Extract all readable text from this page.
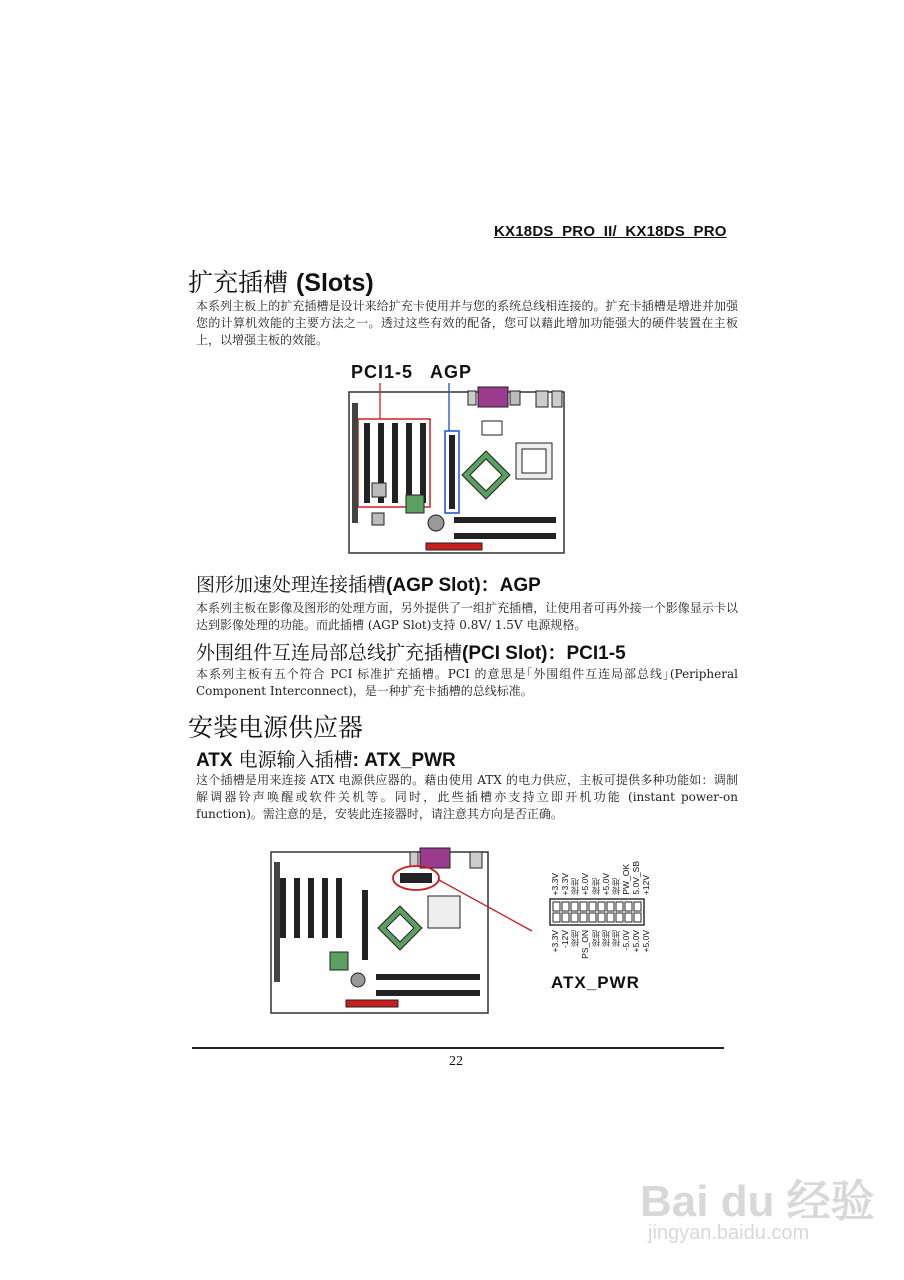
KX18DS_PRO_II/_KX18DS_PRO
扩充插槽 (Slots)
本系列主板上的扩充插槽是设计来给扩充卡使用并与您的系统总线相连接的。扩充卡插槽是增进并加强您的计算机效能的主要方法之一。透过这些有效的配备，您可以藉此增加功能强大的硬件装置在主板上，以增强主板的效能。
PCI1-5 AGP
图形加速处理连接插槽(AGP Slot)：AGP
本系列主板在影像及图形的处理方面，另外提供了一组扩充插槽，让使用者可再外接一个影像显示卡以达到影像处理的功能。而此插槽 (AGP Slot)支持 0.8V/ 1.5V 电源规格。
外围组件互连局部总线扩充插槽(PCI Slot)：PCI1-5
本系列主板有五个符合 PCI 标准扩充插槽。PCI 的意思是｢外围组件互连局部总线｣(Peripheral Component Interconnect)，是一种扩充卡插槽的总线标准。
安装电源供应器
ATX 电源输入插槽: ATX_PWR
这个插槽是用来连接 ATX 电源供应器的。藉由使用 ATX 的电力供应，主板可提供多种功能如：调制解调器铃声唤醒或软件关机等。同时，此些插槽亦支持立即开机功能 (instant power-on function)。需注意的是，安装此连接器时，请注意其方向是否正确。
+3.3V +3.3V 接地 +5.0V 接地 +5.0V 接地 PW_OK 5.0V_SB +12V
+3.3V -12V 接地 PS_ON 接地 接地 接地 -5.0V +5.0V +5.0V
ATX_PWR
22
Bai du 经验
jingyan.baidu.com
